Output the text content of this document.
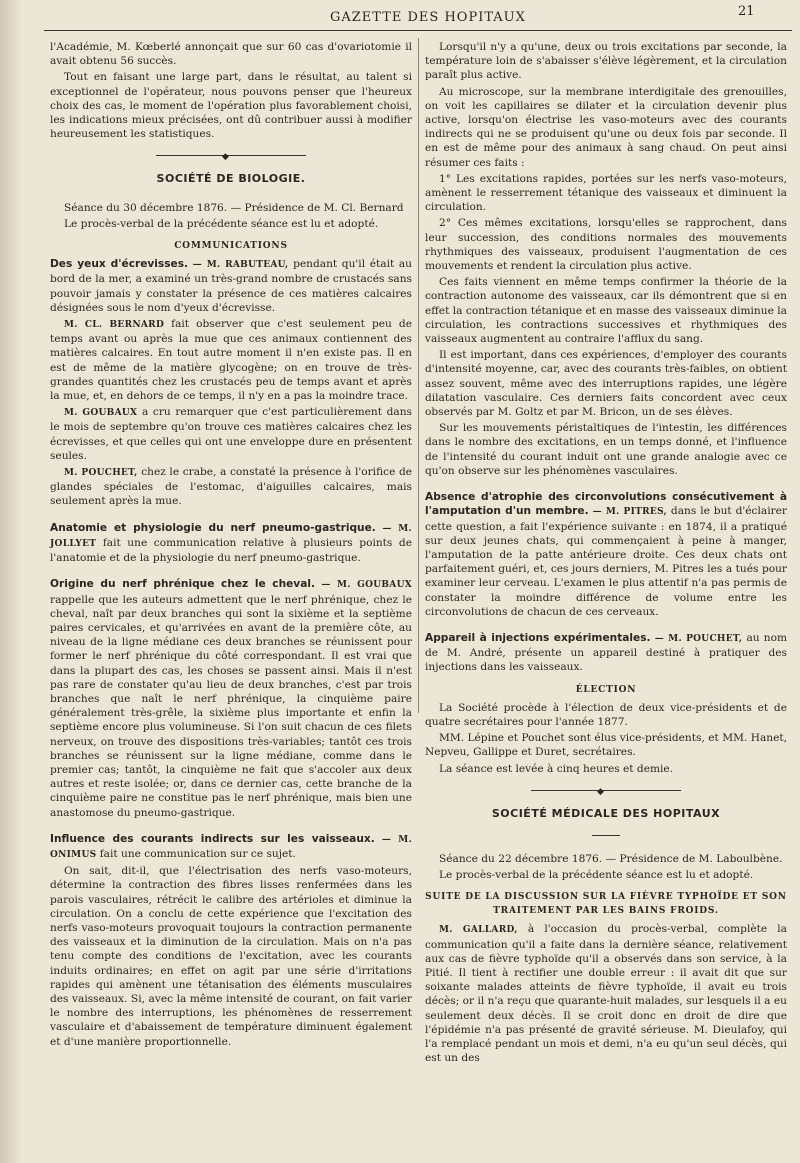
GAZETTE DES HOPITAUX	21

l'Académie, M. Kœberlé annonçait que sur 60 cas d'ovariotomie il avait obtenu 56 succès.

Tout en faisant une large part, dans le résultat, au talent si exceptionnel de l'opérateur, nous pouvons penser que l'heureux choix des cas, le moment de l'opération plus favorablement choisi, les indications mieux précisées, ont dû contribuer aussi à modifier heureusement les statistiques.

◆
SOCIÉTÉ DE BIOLOGIE.

Séance du 30 décembre 1876. — Présidence de M. Cl. Bernard

Le procès-verbal de la précédente séance est lu et adopté.

COMMUNICATIONS

Des yeux d'écrevisses. — M. RABUTEAU, pendant qu'il était au bord de la mer, a examiné un très-grand nombre de crustacés sans pouvoir jamais y constater la présence de ces matières calcaires désignées sous le nom d'yeux d'écrevisse.

M. CL. BERNARD fait observer que c'est seulement peu de temps avant ou après la mue que ces animaux contiennent des matières calcaires. En tout autre moment il n'en existe pas. Il en est de même de la matière glycogène; on en trouve de très-grandes quantités chez les crustacés peu de temps avant et après la mue, et, en dehors de ce temps, il n'y en a pas la moindre trace.

M. GOUBAUX a cru remarquer que c'est particulièrement dans le mois de septembre qu'on trouve ces matières calcaires chez les écrevisses, et que celles qui ont une enveloppe dure en présentent seules.

M. POUCHET, chez le crabe, a constaté la présence à l'orifice de glandes spéciales de l'estomac, d'aiguilles calcaires, mais seulement après la mue.

Anatomie et physiologie du nerf pneumo-gastrique. — M. JOLLYET fait une communication relative à plusieurs points de l'anatomie et de la physiologie du nerf pneumo-gastrique.

Origine du nerf phrénique chez le cheval. — M. GOUBAUX rappelle que les auteurs admettent que le nerf phrénique, chez le cheval, naît par deux branches qui sont la sixième et la septième paires cervicales, et qu'arrivées en avant de la première côte, au niveau de la ligne médiane ces deux branches se réunissent pour former le nerf phrénique du côté correspondant. Il est vrai que dans la plupart des cas, les choses se passent ainsi. Mais il n'est pas rare de constater qu'au lieu de deux branches, c'est par trois branches que naît le nerf phrénique, la cinquième paire généralement très-grêle, la sixième plus importante et enfin la septième encore plus volumineuse. Si l'on suit chacun de ces filets nerveux, on trouve des dispositions très-variables; tantôt ces trois branches se réunissent sur la ligne médiane, comme dans le premier cas; tantôt, la cinquième ne fait que s'accoler aux deux autres et reste isolée; or, dans ce dernier cas, cette branche de la cinquième paire ne constitue pas le nerf phrénique, mais bien une anastomose du pneumo-gastrique.

Influence des courants indirects sur les vaisseaux. — M. ONIMUS fait une communication sur ce sujet.

On sait, dit-il, que l'électrisation des nerfs vaso-moteurs, détermine la contraction des fibres lisses renfermées dans les parois vasculaires, rétrécit le calibre des artérioles et diminue la circulation. On a conclu de cette expérience que l'excitation des nerfs vaso-moteurs provoquait toujours la contraction permanente des vaisseaux et la diminution de la circulation. Mais on n'a pas tenu compte des conditions de l'excitation, avec les courants induits ordinaires; en effet on agit par une série d'irritations rapides qui amènent une tétanisation des éléments musculaires des vaisseaux. Si, avec la même intensité de courant, on fait varier le nombre des interruptions, les phénomènes de resserrement vasculaire et d'abaissement de température diminuent également et d'une manière proportionnelle.

Lorsqu'il n'y a qu'une, deux ou trois excitations par seconde, la température loin de s'abaisser s'élève légèrement, et la circulation paraît plus active.

Au microscope, sur la membrane interdigitale des grenouilles, on voit les capillaires se dilater et la circulation devenir plus active, lorsqu'on électrise les vaso-moteurs avec des courants indirects qui ne se produisent qu'une ou deux fois par seconde. Il en est de même pour des animaux à sang chaud. On peut ainsi résumer ces faits :

1° Les excitations rapides, portées sur les nerfs vaso-moteurs, amènent le resserrement tétanique des vaisseaux et diminuent la circulation.

2° Ces mêmes excitations, lorsqu'elles se rapprochent, dans leur succession, des conditions normales des mouvements rhythmiques des vaisseaux, produisent l'augmentation de ces mouvements et rendent la circulation plus active.

Ces faits viennent en même temps confirmer la théorie de la contraction autonome des vaisseaux, car ils démontrent que si en effet la contraction tétanique et en masse des vaisseaux diminue la circulation, les contractions successives et rhythmiques des vaisseaux augmentent au contraire l'afflux du sang.

Il est important, dans ces expériences, d'employer des courants d'intensité moyenne, car, avec des courants très-faibles, on obtient assez souvent, même avec des interruptions rapides, une légère dilatation vasculaire. Ces derniers faits concordent avec ceux observés par M. Goltz et par M. Bricon, un de ses élèves.

Sur les mouvements péristaltiques de l'intestin, les différences dans le nombre des excitations, en un temps donné, et l'influence de l'intensité du courant induit ont une grande analogie avec ce qu'on observe sur les phénomènes vasculaires.

Absence d'atrophie des circonvolutions consécutivement à l'amputation d'un membre. — M. PITRES, dans le but d'éclairer cette question, a fait l'expérience suivante : en 1874, il a pratiqué sur deux jeunes chats, qui commençaient à peine à manger, l'amputation de la patte antérieure droite. Ces deux chats ont parfaitement guéri, et, ces jours derniers, M. Pitres les a tués pour examiner leur cerveau. L'examen le plus attentif n'a pas permis de constater la moindre différence de volume entre les circonvolutions de chacun de ces cerveaux.

Appareil à injections expérimentales. — M. POUCHET, au nom de M. André, présente un appareil destiné à pratiquer des injections dans les vaisseaux.

ÉLECTION

La Société procède à l'élection de deux vice-présidents et de quatre secrétaires pour l'année 1877.

MM. Lépine et Pouchet sont élus vice-présidents, et MM. Hanet, Nepveu, Gallippe et Duret, secrétaires.

La séance est levée à cinq heures et demie.

◆
SOCIÉTÉ MÉDICALE DES HOPITAUX

Séance du 22 décembre 1876. — Présidence de M. Laboulbène.

Le procès-verbal de la précédente séance est lu et adopté.

SUITE DE LA DISCUSSION SUR LA FIÈVRE TYPHOÏDE ET SON TRAITEMENT PAR LES BAINS FROIDS.

M. GALLARD, à l'occasion du procès-verbal, complète la communication qu'il a faite dans la dernière séance, relativement aux cas de fièvre typhoïde qu'il a observés dans son service, à la Pitié. Il tient à rectifier une double erreur : il avait dit que sur soixante malades atteints de fièvre typhoïde, il avait eu trois décès; or il n'a reçu que quarante-huit malades, sur lesquels il a eu seulement deux décès. Il se croit donc en droit de dire que l'épidémie n'a pas présenté de gravité sérieuse. M. Dieulafoy, qui l'a remplacé pendant un mois et demi, n'a eu qu'un seul décès, qui est un des
